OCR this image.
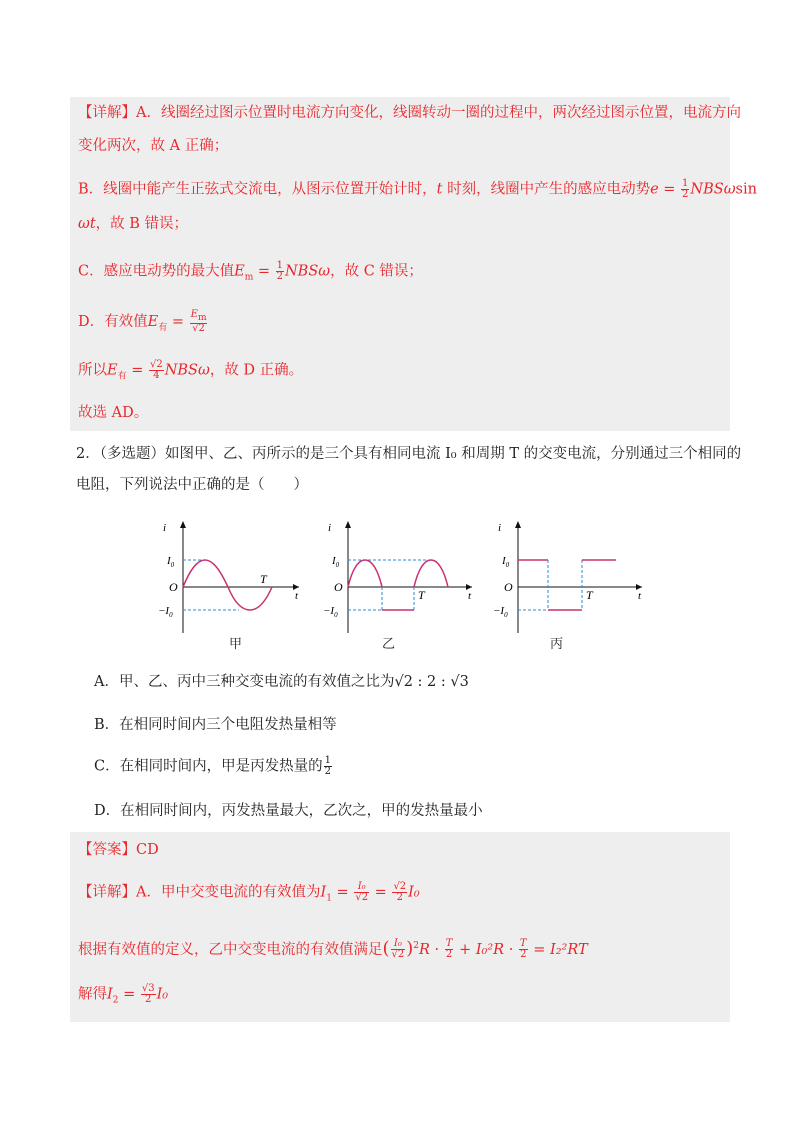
【详解】A．线圈经过图示位置时电流方向变化，线圈转动一圈的过程中，两次经过图示位置，电流方向
变化两次，故 A 正确；
B．线圈中能产生正弦式交流电，从图示位置开始计时，t 时刻，线圈中产生的感应电动势$e = \frac{1}{2}$ NBSωsin
ωt，故 B 错误；
C．感应电动势的最大值$E_m = \frac{1}{2}$ NBSω，故 C 错误；
D．有效值$E_有 = \frac{E_m}{√2}$
所以$E_有 = \frac{√2}{4}$ NBSω，故 D 正确。
故选 AD。
2．（多选题）如图甲、乙、丙所示的是三个具有相同电流 I₀ 和周期 T 的交变电流，分别通过三个相同的
电阻，下列说法中正确的是（　　）
i
t
O
T
$I_0$
$-I_0$
甲
i
t
O
T
$I_0$
$-I_0$
乙
i
t
O
T
$I_0$
$-I_0$
丙
A．甲、乙、丙中三种交变电流的有效值之比为√2 : 2 : √3
B．在相同时间内三个电阻发热量相等
C．在相同时间内，甲是丙发热量的 $\frac{1}{2}$
D．在相同时间内，丙发热量最大，乙次之，甲的发热量最小
【答案】CD
【详解】A．甲中交变电流的有效值为$I_1 = \frac{\text{I₀}}{√2} = \frac{√2}{2} I_0$
根据有效值的定义，乙中交变电流的有效值满足( $\frac{\text{I₀}}{√2} )^2R \cdot \frac{T}{2} + I_0^2R \cdot \frac{T}{2} = I_2^2RT$
解得$I_2 = \frac{√3}{2} I_0$
